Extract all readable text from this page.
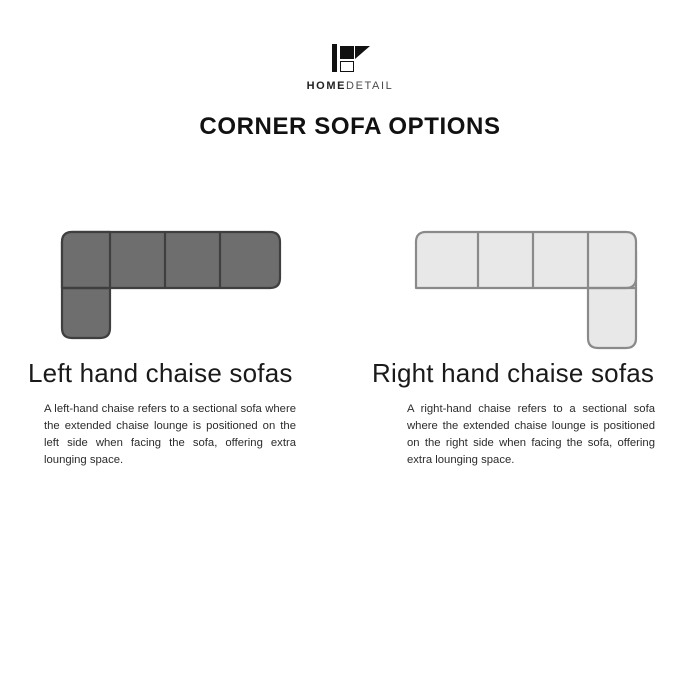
HOMEDETAIL
CORNER SOFA OPTIONS
Left hand chaise sofas
A left-hand chaise refers to a sectional sofa where the extended chaise lounge is positioned on the left side when facing the sofa, offering extra lounging space.
Right hand chaise sofas
A right-hand chaise refers to a sectional sofa where the extended chaise lounge is positioned on the right side when facing the sofa, offering extra lounging space.
